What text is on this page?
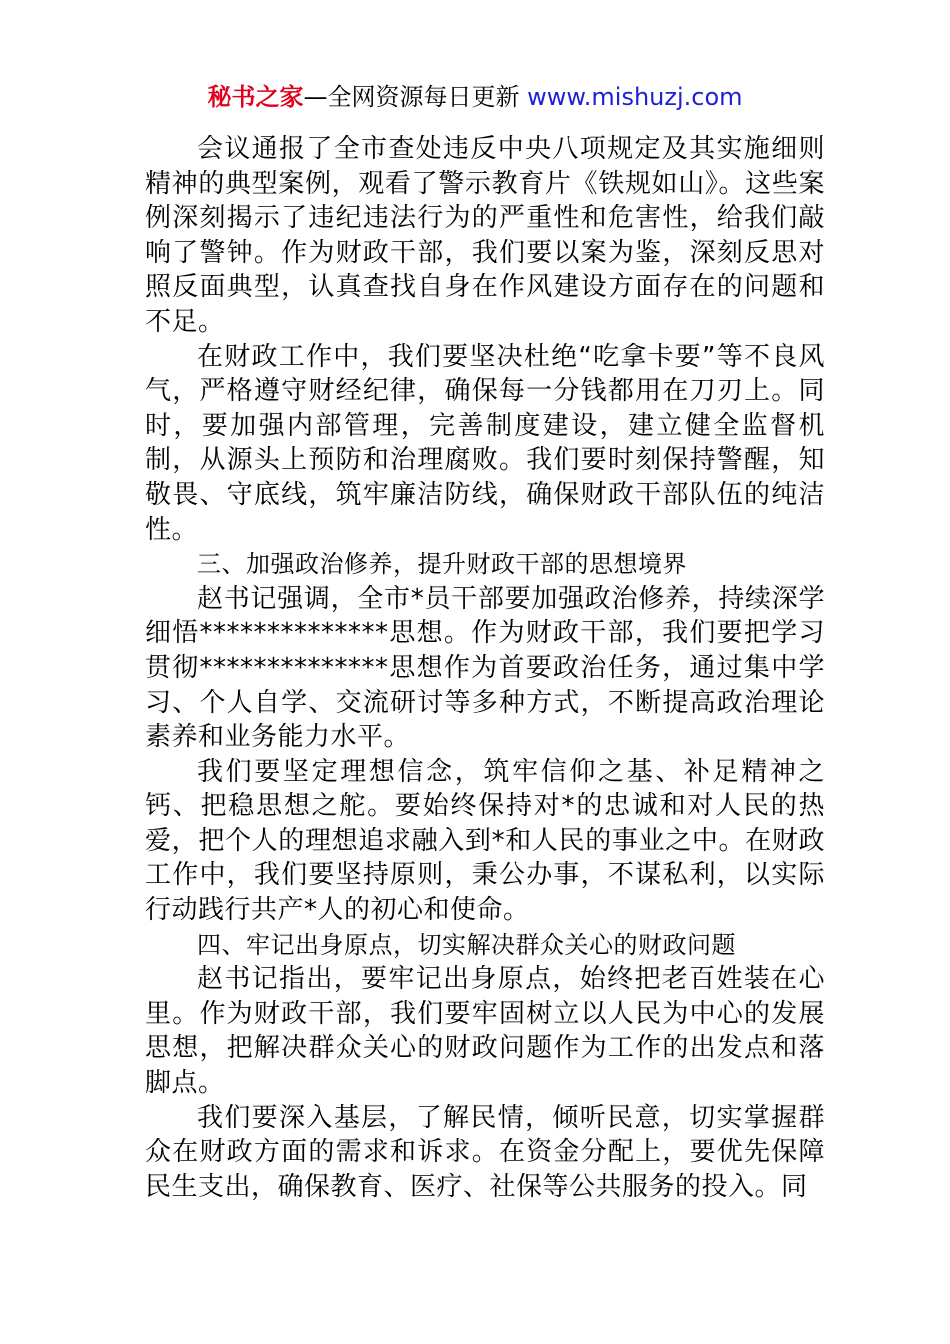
秘书之家—全网资源每日更新 www.mishuzj.com

会议通报了全市查处违反中央八项规定及其实施细则精神的典型案例，观看了警示教育片《铁规如山》。这些案例深刻揭示了违纪违法行为的严重性和危害性，给我们敲响了警钟。作为财政干部，我们要以案为鉴，深刻反思对照反面典型，认真查找自身在作风建设方面存在的问题和不足。

在财政工作中，我们要坚决杜绝“吃拿卡要”等不良风气，严格遵守财经纪律，确保每一分钱都用在刀刃上。同时，要加强内部管理，完善制度建设，建立健全监督机制，从源头上预防和治理腐败。我们要时刻保持警醒，知敬畏、守底线，筑牢廉洁防线，确保财政干部队伍的纯洁性。

三、加强政治修养，提升财政干部的思想境界

赵书记强调，全市*员干部要加强政治修养，持续深学细悟**************思想。作为财政干部，我们要把学习贯彻**************思想作为首要政治任务，通过集中学习、个人自学、交流研讨等多种方式，不断提高政治理论素养和业务能力水平。

我们要坚定理想信念，筑牢信仰之基、补足精神之钙、把稳思想之舵。要始终保持对*的忠诚和对人民的热爱，把个人的理想追求融入到*和人民的事业之中。在财政工作中，我们要坚持原则，秉公办事，不谋私利，以实际行动践行共产*人的初心和使命。

四、牢记出身原点，切实解决群众关心的财政问题

赵书记指出，要牢记出身原点，始终把老百姓装在心里。作为财政干部，我们要牢固树立以人民为中心的发展思想，把解决群众关心的财政问题作为工作的出发点和落脚点。

我们要深入基层，了解民情，倾听民意，切实掌握群众在财政方面的需求和诉求。在资金分配上，要优先保障民生支出，确保教育、医疗、社保等公共服务的投入。同
